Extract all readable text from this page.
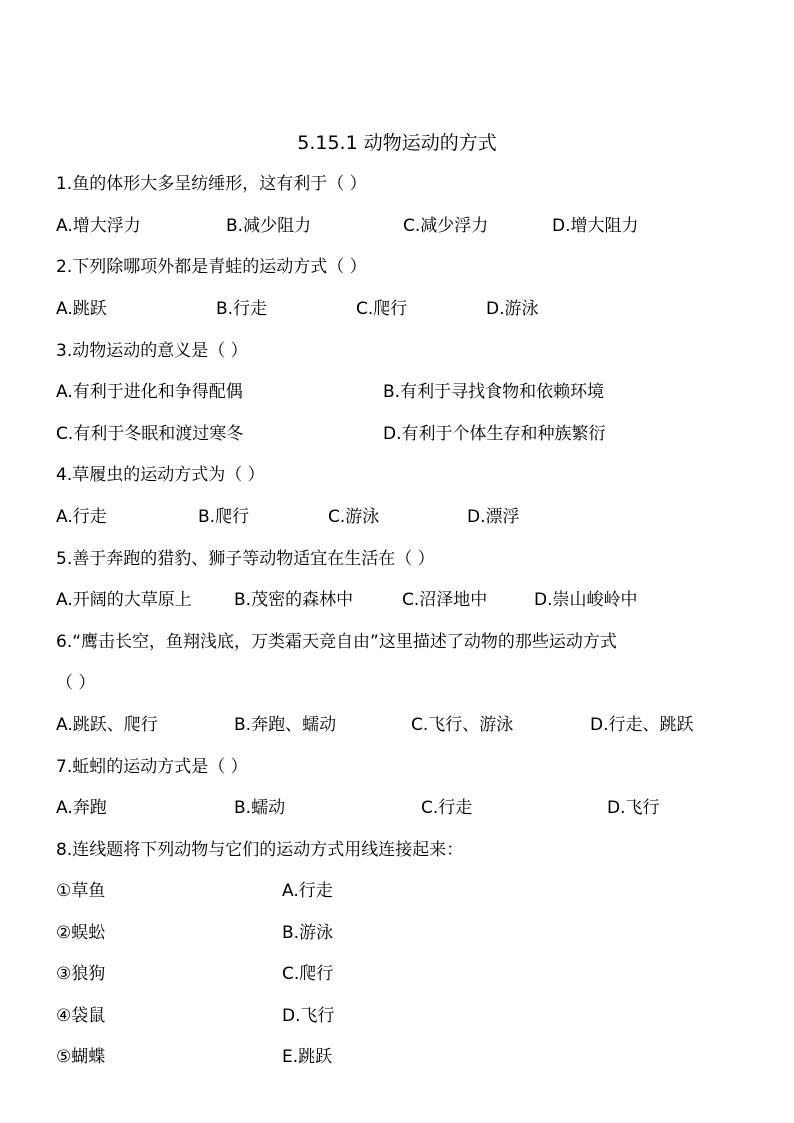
5.15.1 动物运动的方式
1.鱼的体形大多呈纺缍形，这有利于（ ）
A.增大浮力	B.减少阻力	C.减少浮力	D.增大阻力
2.下列除哪项外都是青蛙的运动方式（ ）
A.跳跃	B.行走	C.爬行	D.游泳
3.动物运动的意义是（ ）
A.有利于进化和争得配偶	B.有利于寻找食物和依赖环境
C.有利于冬眠和渡过寒冬	D.有利于个体生存和种族繁衍
4.草履虫的运动方式为（ ）
A.行走	B.爬行	C.游泳	D.漂浮
5.善于奔跑的猎豹、狮子等动物适宜在生活在（ ）
A.开阔的大草原上 B.茂密的森林中	C.沼泽地中	D.崇山峻岭中
6.“鹰击长空，鱼翔浅底，万类霜天竞自由”这里描述了动物的那些运动方式
（ ）
A.跳跃、爬行	B.奔跑、蠕动	C.飞行、游泳	D.行走、跳跃
7.蚯蚓的运动方式是（ ）
A.奔跑	B.蠕动	C.行走	D.飞行
8.连线题将下列动物与它们的运动方式用线连接起来：
①草鱼	A.行走
②蜈蚣	B.游泳
③狼狗	C.爬行
④袋鼠	D.飞行
⑤蝴蝶	E.跳跃
